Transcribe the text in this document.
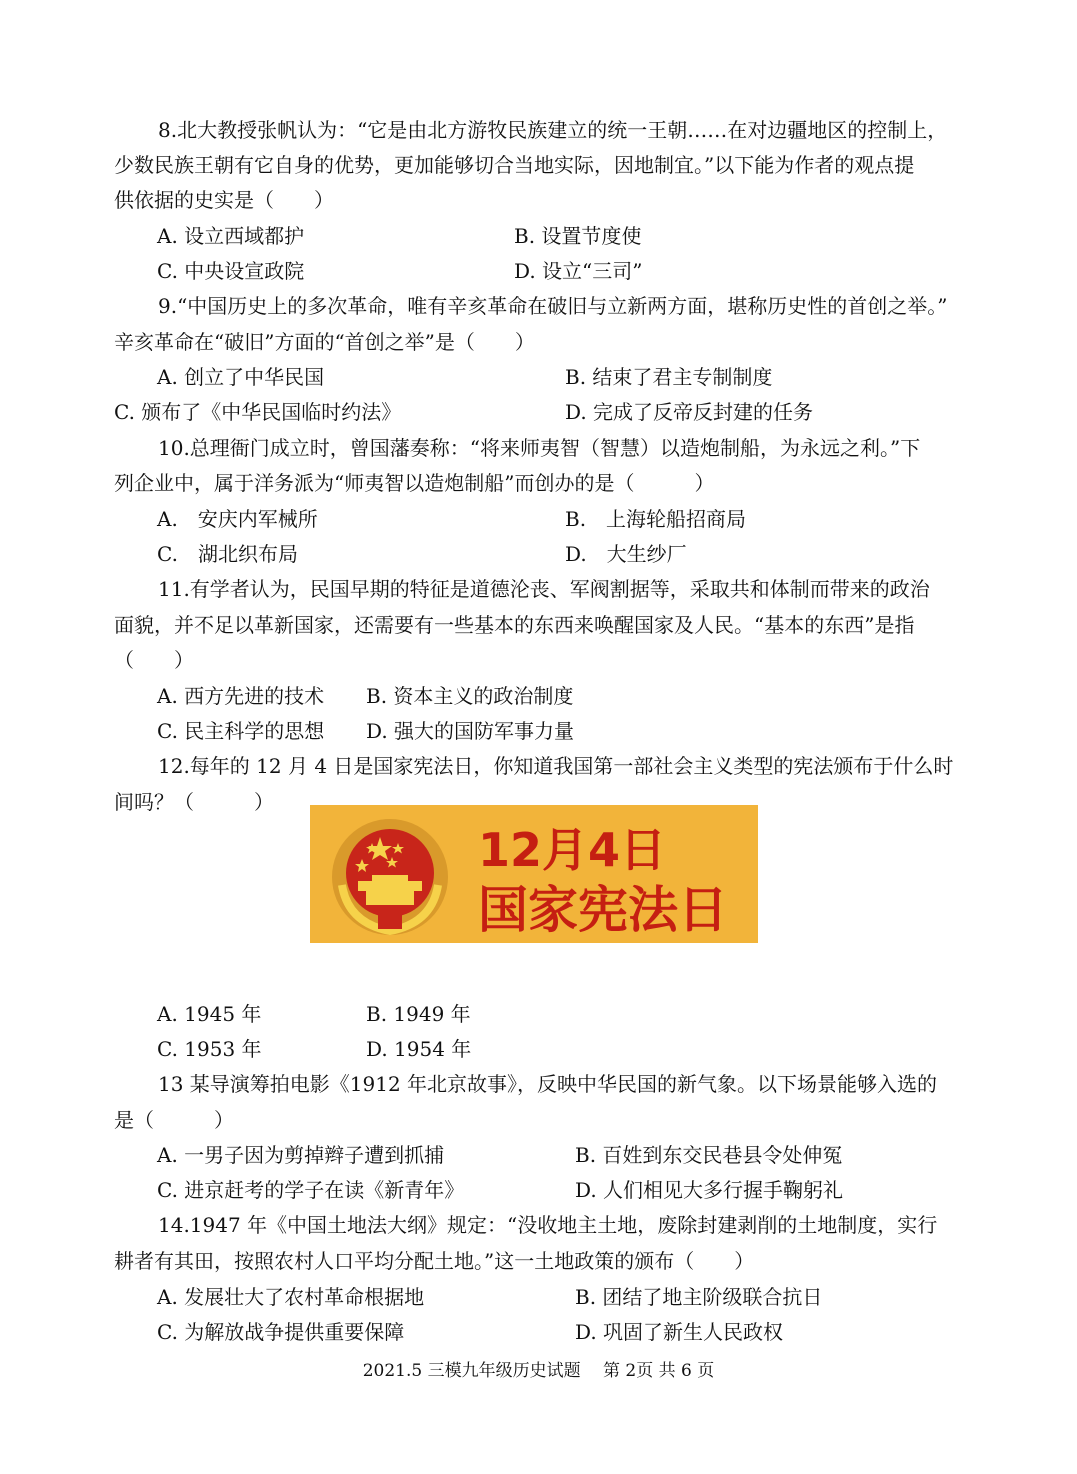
8.北大教授张帆认为：“它是由北方游牧民族建立的统一王朝……在对边疆地区的控制上，
少数民族王朝有它自身的优势，更加能够切合当地实际，因地制宜。”以下能为作者的观点提
供依据的史实是（　　）
A. 设立西域都护	B. 设置节度使
C. 中央设宣政院	D. 设立“三司”
9.“中国历史上的多次革命，唯有辛亥革命在破旧与立新两方面，堪称历史性的首创之举。”
辛亥革命在“破旧”方面的“首创之举”是（　　）
A. 创立了中华民国	B. 结束了君主专制制度
C. 颁布了《中华民国临时约法》	D. 完成了反帝反封建的任务
10.总理衙门成立时，曾国藩奏称：“将来师夷智（智慧）以造炮制船，为永远之利。”下
列企业中，属于洋务派为“师夷智以造炮制船”而创办的是（　　　）
A.　安庆内军械所	B.　上海轮船招商局
C.　湖北织布局	D.　大生纱厂
11.有学者认为，民国早期的特征是道德沦丧、军阀割据等，采取共和体制而带来的政治
面貌，并不足以革新国家，还需要有一些基本的东西来唤醒国家及人民。“基本的东西”是指
（　　）
A. 西方先进的技术 B. 资本主义的政治制度
C. 民主科学的思想 D. 强大的国防军事力量
12.每年的 12 月 4 日是国家宪法日，你知道我国第一部社会主义类型的宪法颁布于什么时
间吗？（　　　）
12月4日
国家宪法日
A. 1945 年	B. 1949 年
C. 1953 年	D. 1954 年
13 某导演筹拍电影《1912 年北京故事》，反映中华民国的新气象。以下场景能够入选的
是（　　　）
A. 一男子因为剪掉辫子遭到抓捕	B. 百姓到东交民巷县令处伸冤
C. 进京赶考的学子在读《新青年》	D. 人们相见大多行握手鞠躬礼
14.1947 年《中国土地法大纲》规定：“没收地主土地，废除封建剥削的土地制度，实行
耕者有其田，按照农村人口平均分配土地。”这一土地政策的颁布（　　）
A. 发展壮大了农村革命根据地	B. 团结了地主阶级联合抗日
C. 为解放战争提供重要保障	D. 巩固了新生人民政权
2021.5 三模九年级历史试题　 第 2页 共 6 页
